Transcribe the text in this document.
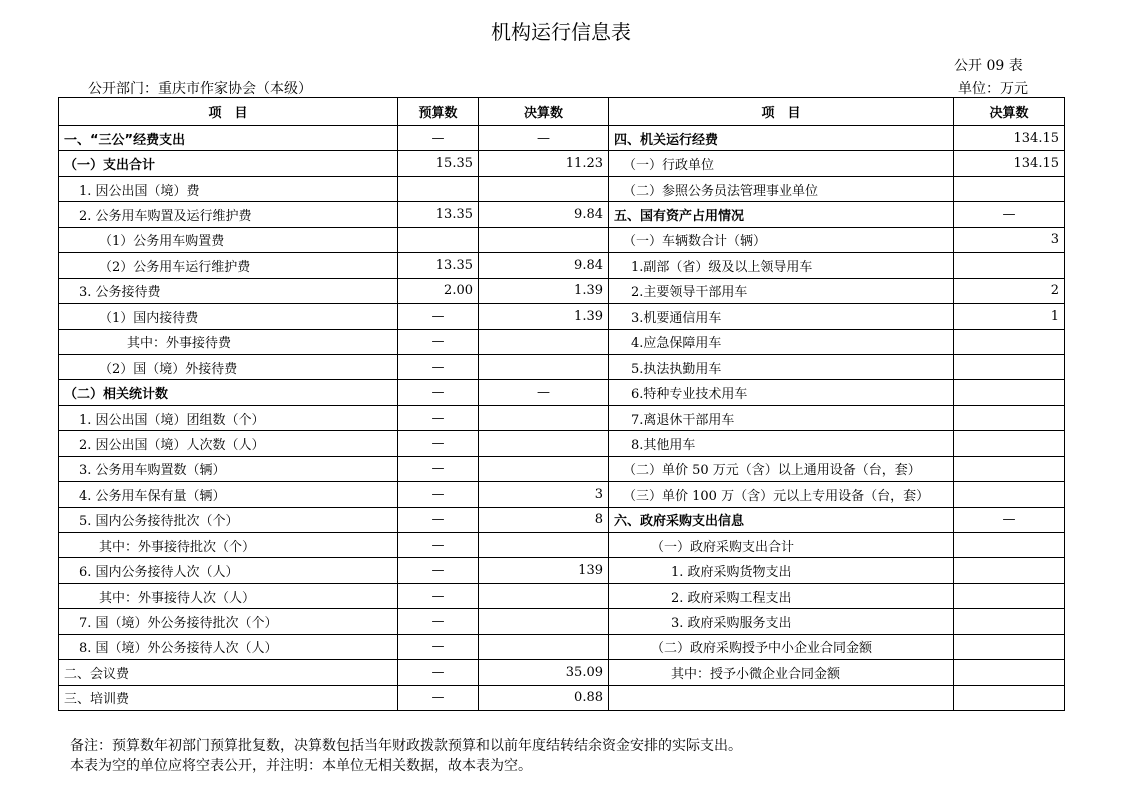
机构运行信息表
公开 09 表
公开部门：重庆市作家协会（本级）	单位：万元
项　目	预算数	决算数	项　目	决算数
一、“三公”经费支出	—	—	四、机关运行经费	134.15
（一）支出合计	15.35	11.23	（一）行政单位	134.15
1. 因公出国（境）费			（二）参照公务员法管理事业单位	
2. 公务用车购置及运行维护费	13.35	9.84	五、国有资产占用情况	—
（1）公务用车购置费			（一）车辆数合计（辆）	3
（2）公务用车运行维护费	13.35	9.84	1.副部（省）级及以上领导用车	
3. 公务接待费	2.00	1.39	2.主要领导干部用车	2
（1）国内接待费	—	1.39	3.机要通信用车	1
其中：外事接待费	—		4.应急保障用车	
（2）国（境）外接待费	—		5.执法执勤用车	
（二）相关统计数	—	—	6.特种专业技术用车	
1. 因公出国（境）团组数（个）	—		7.离退休干部用车	
2. 因公出国（境）人次数（人）	—		8.其他用车	
3. 公务用车购置数（辆）	—		（二）单价 50 万元（含）以上通用设备（台，套）	
4. 公务用车保有量（辆）	—	3	（三）单价 100 万（含）元以上专用设备（台，套）	
5. 国内公务接待批次（个）	—	8	六、政府采购支出信息	—
其中：外事接待批次（个）	—		（一）政府采购支出合计	
6. 国内公务接待人次（人）	—	139	1. 政府采购货物支出	
其中：外事接待人次（人）	—		2. 政府采购工程支出	
7. 国（境）外公务接待批次（个）	—		3. 政府采购服务支出	
8. 国（境）外公务接待人次（人）	—		（二）政府采购授予中小企业合同金额	
二、会议费	—	35.09	其中：授予小微企业合同金额	
三、培训费	—	0.88		
备注：预算数年初部门预算批复数，决算数包括当年财政拨款预算和以前年度结转结余资金安排的实际支出。
本表为空的单位应将空表公开，并注明：本单位无相关数据，故本表为空。
